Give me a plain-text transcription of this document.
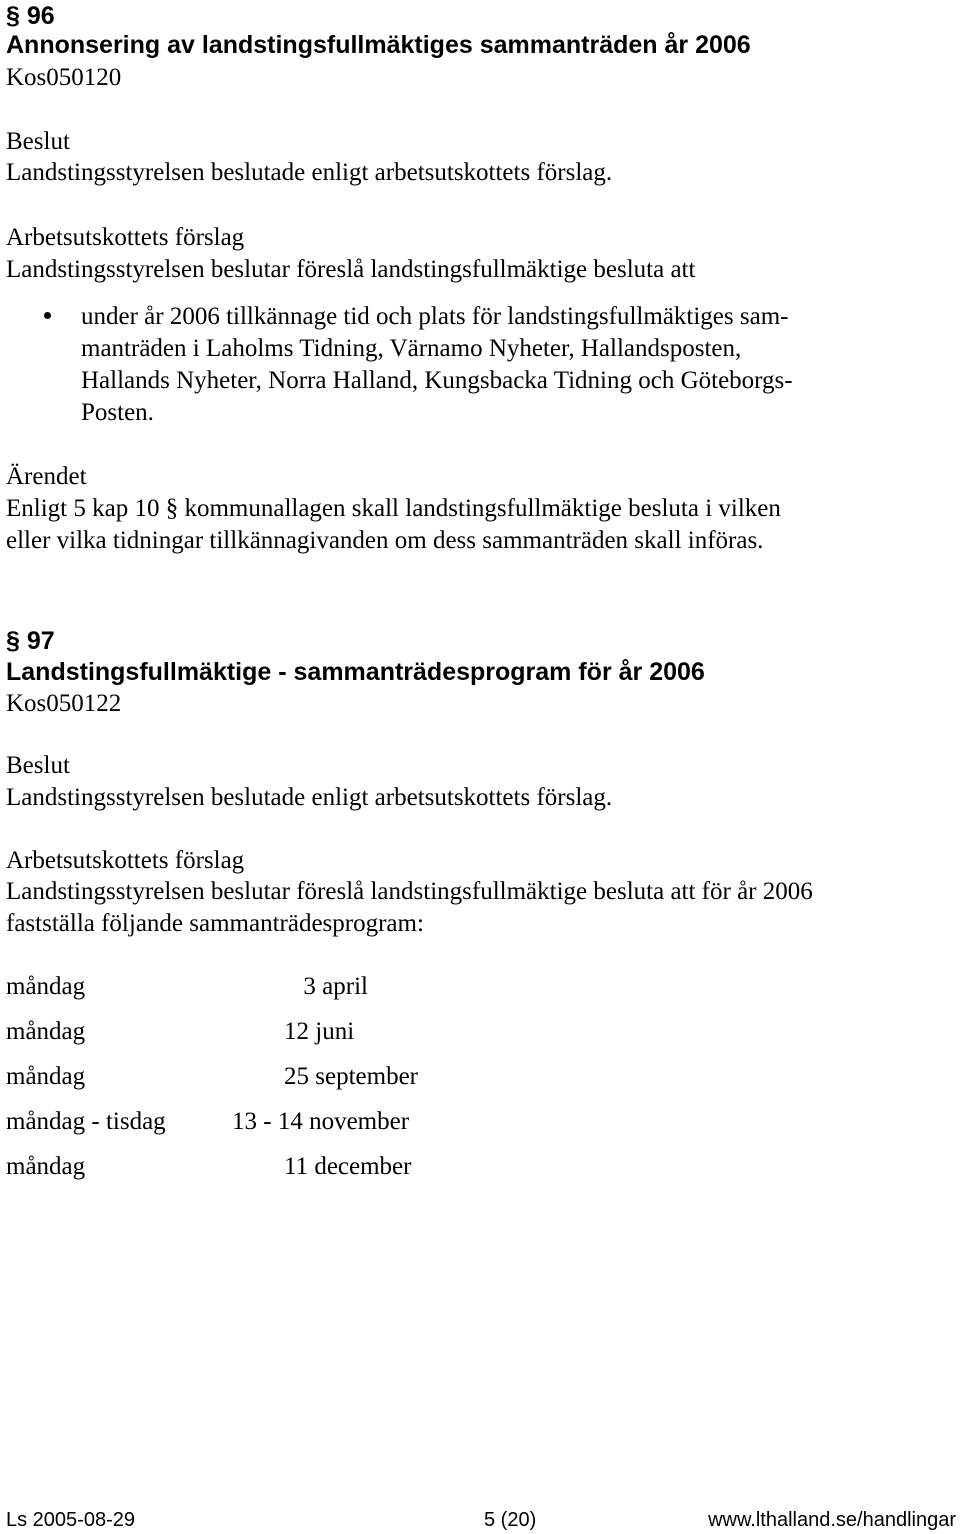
§ 96
Annonsering av landstingsfullmäktiges sammanträden år 2006
Kos050120
Beslut
Landstingsstyrelsen beslutade enligt arbetsutskottets förslag.
Arbetsutskottets förslag
Landstingsstyrelsen beslutar föreslå landstingsfullmäktige besluta att
under år 2006 tillkännage tid och plats för landstingsfullmäktiges sam-
manträden i Laholms Tidning, Värnamo Nyheter, Hallandsposten,
Hallands Nyheter, Norra Halland, Kungsbacka Tidning och Göteborgs-
Posten.
Ärendet
Enligt 5 kap 10 § kommunallagen skall landstingsfullmäktige besluta i vilken
eller vilka tidningar tillkännagivanden om dess sammanträden skall införas.
§ 97
Landstingsfullmäktige - sammanträdesprogram för år 2006
Kos050122
Beslut
Landstingsstyrelsen beslutade enligt arbetsutskottets förslag.
Arbetsutskottets förslag
Landstingsstyrelsen beslutar föreslå landstingsfullmäktige besluta att för år 2006
fastställa följande sammanträdesprogram:
måndag	3 april
måndag	12 juni
måndag	25 september
måndag - tisdag	13 - 14 november
måndag	11 december
Ls 2005-08-29	5 (20)	www.lthalland.se/handlingar
